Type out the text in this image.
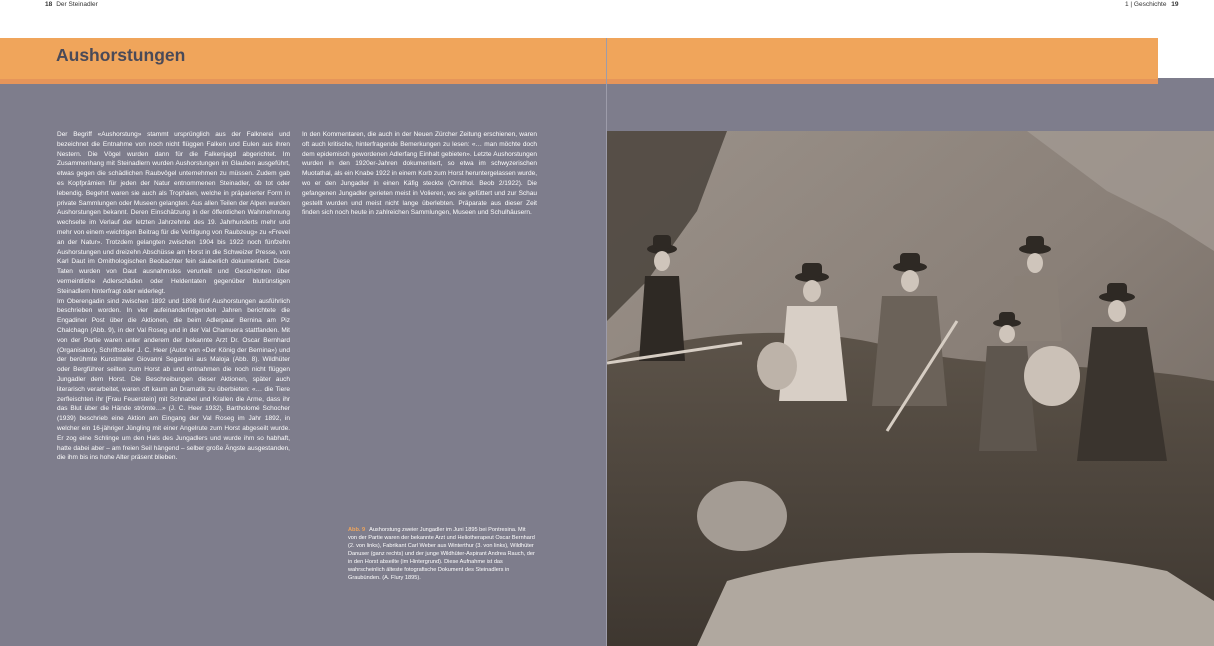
18 Der Steinadler	1 | Geschichte 19
Aushorstungen

Der Begriff «Aushorstung» stammt ursprünglich aus der Falknerei und bezeichnet die Entnahme von noch nicht flüggen Falken und Eulen aus ihren Nestern. Die Vögel wurden dann für die Falkenjagd abgerichtet. Im Zusammenhang mit Steinadlern wurden Aushorstungen im Glauben ausgeführt, etwas gegen die schädlichen Raubvögel unternehmen zu müssen. Zudem gab es Kopfprämien für jeden der Natur entnommenen Steinadler, ob tot oder lebendig. Begehrt waren sie auch als Trophäen, welche in präparierter Form in private Sammlungen oder Museen gelangten. Aus allen Teilen der Alpen wurden Aushorstungen bekannt. Deren Einschätzung in der öffentlichen Wahrnehmung wechselte im Verlauf der letzten Jahrzehnte des 19. Jahrhunderts mehr und mehr von einem «wichtigen Beitrag für die Vertilgung von Raubzeug» zu «Frevel an der Natur». Trotzdem gelangten zwischen 1904 bis 1922 noch fünfzehn Aushorstungen und dreizehn Abschüsse am Horst in die Schweizer Presse, von Karl Daut im Ornithologischen Beobachter fein säuberlich dokumentiert. Diese Taten wurden von Daut ausnahmslos verurteilt und Geschichten über vermeintliche Adlerschäden oder Heldentaten gegenüber blutrünstigen Steinadlern hinterfragt oder widerlegt.

Im Oberengadin sind zwischen 1892 und 1898 fünf Aushorstungen ausführlich beschrieben worden. In vier aufeinanderfolgenden Jahren berichtete die Engadiner Post über die Aktionen, die beim Adlerpaar Bernina am Piz Chalchagn (Abb. 9), in der Val Roseg und in der Val Chamuera stattfanden. Mit von der Partie waren unter anderem der bekannte Arzt Dr. Oscar Bernhard (Organisator), Schriftsteller J. C. Heer (Autor von «Der König der Bernina») und der berühmte Kunstmaler Giovanni Segantini aus Maloja (Abb. 8). Wildhüter oder Bergführer seilten zum Horst ab und entnahmen die noch nicht flüggen Jungadler dem Horst. Die Beschreibungen dieser Aktionen, später auch literarisch verarbeitet, waren oft kaum an Dramatik zu überbieten: «… die Tiere zerfleischten ihr [Frau Feuerstein] mit Schnabel und Krallen die Arme, dass ihr das Blut über die Hände strömte…» (J. C. Heer 1932). Bartholomé Schocher (1939) beschrieb eine Aktion am Eingang der Val Roseg im Jahr 1892, in welcher ein 16-jähriger Jüngling mit einer Angelrute zum Horst abgeseilt wurde. Er zog eine Schlinge um den Hals des Jungadlers und wurde ihm so habhaft, hatte dabei aber – am freien Seil hängend – selber große Ängste ausgestanden, die ihm bis ins hohe Alter präsent blieben.

In den Kommentaren, die auch in der Neuen Zürcher Zeitung erschienen, waren oft auch kritische, hinterfragende Bemerkungen zu lesen: «… man möchte doch dem epidemisch gewordenen Adlerfang Einhalt gebieten». Letzte Aushorstungen wurden in den 1920er-Jahren dokumentiert, so etwa im schwyzerischen Muotathal, als ein Knabe 1922 in einem Korb zum Horst heruntergelassen wurde, wo er den Jungadler in einen Käfig steckte (Ornithol. Beob 2/1922). Die gefangenen Jungadler gerieten meist in Volieren, wo sie gefüttert und zur Schau gestellt wurden und meist nicht lange überlebten. Präparate aus dieser Zeit finden sich noch heute in zahlreichen Sammlungen, Museen und Schulhäusern.

Abb. 9 Aushorstung zweier Jungadler im Juni 1895 bei Pontresina. Mit von der Partie waren der bekannte Arzt und Heliotherapeut Oscar Bernhard (2. von links), Fabrikant Carl Weber aus Winterthur (3. von links), Wildhüter Danuser (ganz rechts) und der junge Wildhüter-Aspirant Andrea Rauch, der in den Horst abseilte (im Hintergrund). Diese Aufnahme ist das wahrscheinlich älteste fotografische Dokument des Steinadlers in Graubünden. (A. Flury 1895).
